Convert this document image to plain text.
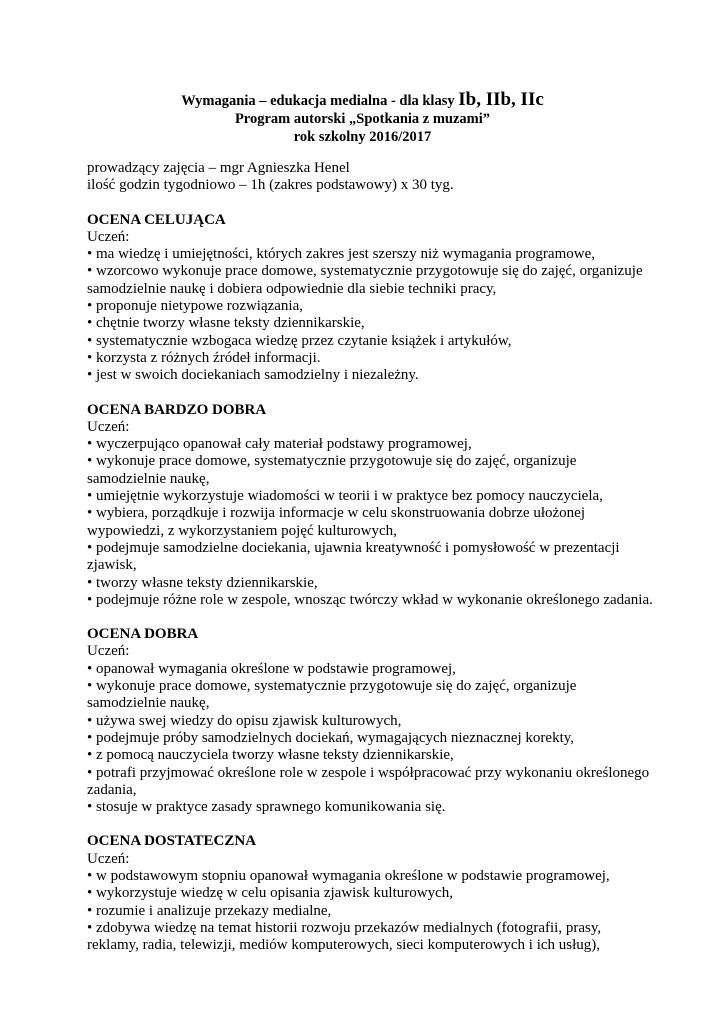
Wymagania – edukacja medialna - dla klasy Ib, IIb, IIc
Program autorski „Spotkania z muzami”
rok szkolny 2016/2017
prowadzący zajęcia – mgr Agnieszka Henel
ilość godzin tygodniowo – 1h (zakres podstawowy) x 30 tyg.
OCENA CELUJĄCA
Uczeń:
• ma wiedzę i umiejętności, których zakres jest szerszy niż wymagania programowe,
• wzorcowo wykonuje prace domowe, systematycznie przygotowuje się do zajęć, organizuje
samodzielnie naukę i dobiera odpowiednie dla siebie techniki pracy,
• proponuje nietypowe rozwiązania,
• chętnie tworzy własne teksty dziennikarskie,
• systematycznie wzbogaca wiedzę przez czytanie książek i artykułów,
• korzysta z różnych źródeł informacji.
• jest w swoich dociekaniach samodzielny i niezależny.
OCENA BARDZO DOBRA
Uczeń:
• wyczerpująco opanował cały materiał podstawy programowej,
• wykonuje prace domowe, systematycznie przygotowuje się do zajęć, organizuje
samodzielnie naukę,
• umiejętnie wykorzystuje wiadomości w teorii i w praktyce bez pomocy nauczyciela,
• wybiera, porządkuje i rozwija informacje w celu skonstruowania dobrze ułożonej
wypowiedzi, z wykorzystaniem pojęć kulturowych,
• podejmuje samodzielne dociekania, ujawnia kreatywność i pomysłowość w prezentacji
zjawisk,
• tworzy własne teksty dziennikarskie,
• podejmuje różne role w zespole, wnosząc twórczy wkład w wykonanie określonego zadania.
OCENA DOBRA
Uczeń:
• opanował wymagania określone w podstawie programowej,
• wykonuje prace domowe, systematycznie przygotowuje się do zajęć, organizuje
samodzielnie naukę,
• używa swej wiedzy do opisu zjawisk kulturowych,
• podejmuje próby samodzielnych dociekań, wymagających nieznacznej korekty,
• z pomocą nauczyciela tworzy własne teksty dziennikarskie,
• potrafi przyjmować określone role w zespole i współpracować przy wykonaniu określonego
zadania,
• stosuje w praktyce zasady sprawnego komunikowania się.
OCENA DOSTATECZNA
Uczeń:
• w podstawowym stopniu opanował wymagania określone w podstawie programowej,
• wykorzystuje wiedzę w celu opisania zjawisk kulturowych,
• rozumie i analizuje przekazy medialne,
• zdobywa wiedzę na temat historii rozwoju przekazów medialnych (fotografii, prasy,
reklamy, radia, telewizji, mediów komputerowych, sieci komputerowych i ich usług),
